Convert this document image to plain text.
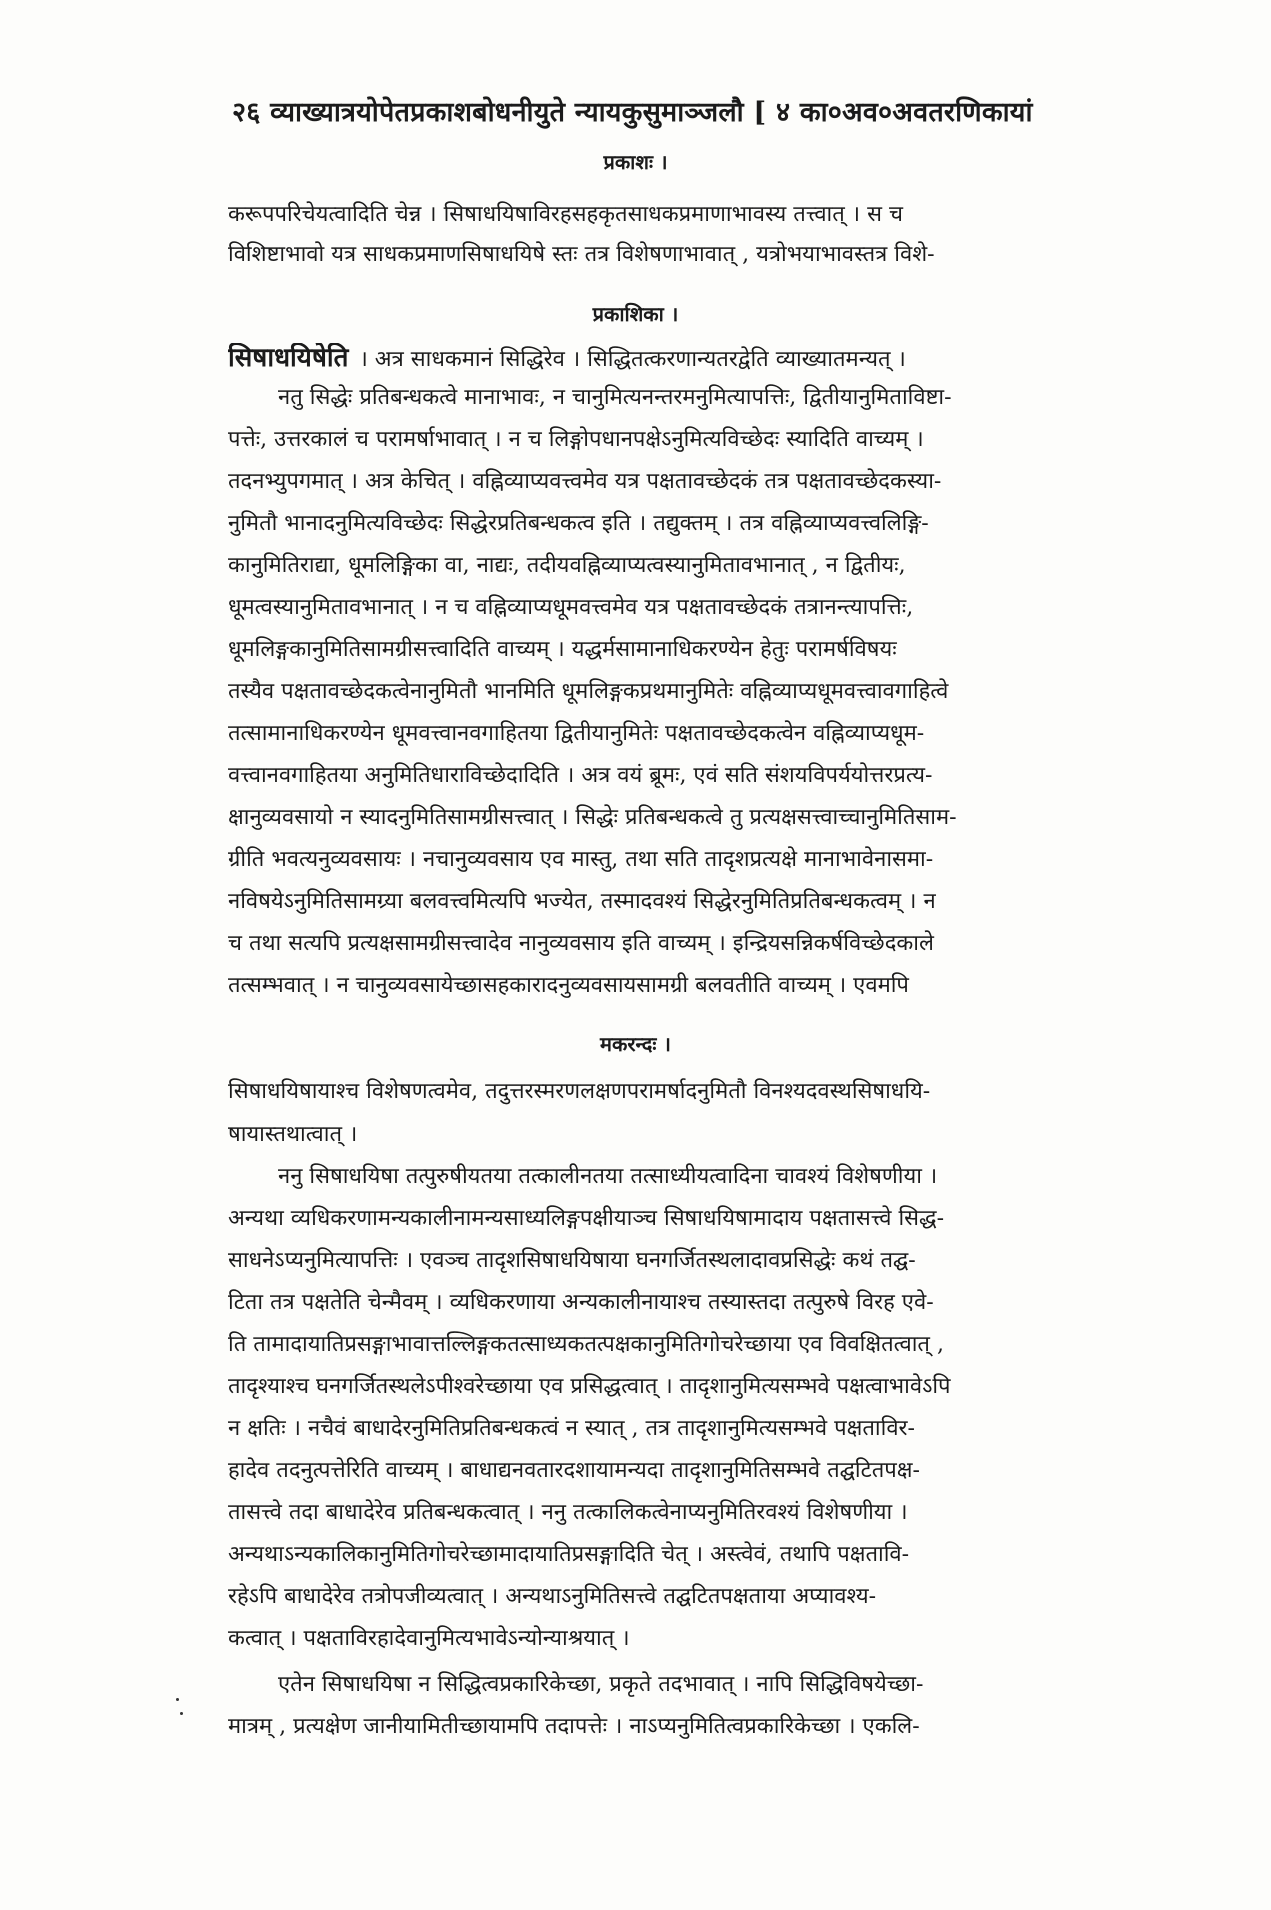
२६ व्याख्यात्रयोपेतप्रकाशबोधनीयुते न्यायकुसुमाञ्जलौ [ ४ का०अव०अवतरणिकायां
प्रकाशः ।
करूपपरिचेयत्वादिति चेन्न । सिषाधयिषाविरहसहकृतसाधकप्रमाणाभावस्य तत्त्वात् । स च
विशिष्टाभावो यत्र साधकप्रमाणसिषाधयिषे स्तः तत्र विशेषणाभावात् , यत्रोभयाभावस्तत्र विशे-
प्रकाशिका ।
सिषाधयिषेति । अत्र साधकमानं सिद्धिरेव । सिद्धितत्करणान्यतरद्वेति व्याख्यातमन्यत् ।
नतु सिद्धेः प्रतिबन्धकत्वे मानाभावः, न चानुमित्यनन्तरमनुमित्यापत्तिः, द्वितीयानुमिताविष्टा-
पत्तेः, उत्तरकालं च परामर्षाभावात् । न च लिङ्गोपधानपक्षेऽनुमित्यविच्छेदः स्यादिति वाच्यम् ।
तदनभ्युपगमात् । अत्र केचित् । वह्निव्याप्यवत्त्वमेव यत्र पक्षतावच्छेदकं तत्र पक्षतावच्छेदकस्या-
नुमितौ भानादनुमित्यविच्छेदः सिद्धेरप्रतिबन्धकत्व इति । तद्युक्तम् । तत्र वह्निव्याप्यवत्त्वलिङ्गि-
कानुमितिराद्या, धूमलिङ्गिका वा, नाद्यः, तदीयवह्निव्याप्यत्वस्यानुमितावभानात् , न द्वितीयः,
धूमत्वस्यानुमितावभानात् । न च वह्निव्याप्यधूमवत्त्वमेव यत्र पक्षतावच्छेदकं तत्रानन्त्यापत्तिः,
धूमलिङ्गकानुमितिसामग्रीसत्त्वादिति वाच्यम् । यद्धर्मसामानाधिकरण्येन हेतुः परामर्षविषयः
तस्यैव पक्षतावच्छेदकत्वेनानुमितौ भानमिति धूमलिङ्गकप्रथमानुमितेः वह्निव्याप्यधूमवत्त्वावगाहित्वे
तत्सामानाधिकरण्येन धूमवत्त्वानवगाहितया द्वितीयानुमितेः पक्षतावच्छेदकत्वेन वह्निव्याप्यधूम-
वत्त्वानवगाहितया अनुमितिधाराविच्छेदादिति । अत्र वयं ब्रूमः, एवं सति संशयविपर्ययोत्तरप्रत्य-
क्षानुव्यवसायो न स्यादनुमितिसामग्रीसत्त्वात् । सिद्धेः प्रतिबन्धकत्वे तु प्रत्यक्षसत्त्वाच्चानुमितिसाम-
ग्रीति भवत्यनुव्यवसायः । नचानुव्यवसाय एव मास्तु, तथा सति तादृशप्रत्यक्षे मानाभावेनासमा-
नविषयेऽनुमितिसामग्र्या बलवत्त्वमित्यपि भज्येत, तस्मादवश्यं सिद्धेरनुमितिप्रतिबन्धकत्वम् । न
च तथा सत्यपि प्रत्यक्षसामग्रीसत्त्वादेव नानुव्यवसाय इति वाच्यम् । इन्द्रियसन्निकर्षविच्छेदकाले
तत्सम्भवात् । न चानुव्यवसायेच्छासहकारादनुव्यवसायसामग्री बलवतीति वाच्यम् । एवमपि
मकरन्दः ।
सिषाधयिषायाश्च विशेषणत्वमेव, तदुत्तरस्मरणलक्षणपरामर्षादनुमितौ विनश्यदवस्थसिषाधयि-
षायास्तथात्वात् ।
ननु सिषाधयिषा तत्पुरुषीयतया तत्कालीनतया तत्साध्यीयत्वादिना चावश्यं विशेषणीया ।
अन्यथा व्यधिकरणामन्यकालीनामन्यसाध्यलिङ्गपक्षीयाञ्च सिषाधयिषामादाय पक्षतासत्त्वे सिद्ध-
साधनेऽप्यनुमित्यापत्तिः । एवञ्च तादृशसिषाधयिषाया घनगर्जितस्थलादावप्रसिद्धेः कथं तद्घ-
टिता तत्र पक्षतेति चेन्मैवम् । व्यधिकरणाया अन्यकालीनायाश्च तस्यास्तदा तत्पुरुषे विरह एवे-
ति तामादायातिप्रसङ्गाभावात्तल्लिङ्गकतत्साध्यकतत्पक्षकानुमितिगोचरेच्छाया एव विवक्षितत्वात् ,
तादृश्याश्च घनगर्जितस्थलेऽपीश्वरेच्छाया एव प्रसिद्धत्वात् । तादृशानुमित्यसम्भवे पक्षत्वाभावेऽपि
न क्षतिः । नचैवं बाधादेरनुमितिप्रतिबन्धकत्वं न स्यात् , तत्र तादृशानुमित्यसम्भवे पक्षताविर-
हादेव तदनुत्पत्तेरिति वाच्यम् । बाधाद्यनवतारदशायामन्यदा तादृशानुमितिसम्भवे तद्घटितपक्ष-
तासत्त्वे तदा बाधादेरेव प्रतिबन्धकत्वात् । ननु तत्कालिकत्वेनाप्यनुमितिरवश्यं विशेषणीया ।
अन्यथाऽन्यकालिकानुमितिगोचरेच्छामादायातिप्रसङ्गादिति चेत् । अस्त्वेवं, तथापि पक्षतावि-
रहेऽपि बाधादेरेव तत्रोपजीव्यत्वात् । अन्यथाऽनुमितिसत्त्वे तद्घटितपक्षताया अप्यावश्य-
कत्वात् । पक्षताविरहादेवानुमित्यभावेऽन्योन्याश्रयात् ।
एतेन सिषाधयिषा न सिद्धित्वप्रकारिकेच्छा, प्रकृते तदभावात् । नापि सिद्धिविषयेच्छा-
मात्रम् , प्रत्यक्षेण जानीयामितीच्छायामपि तदापत्तेः । नाऽप्यनुमितित्वप्रकारिकेच्छा । एकलि-
